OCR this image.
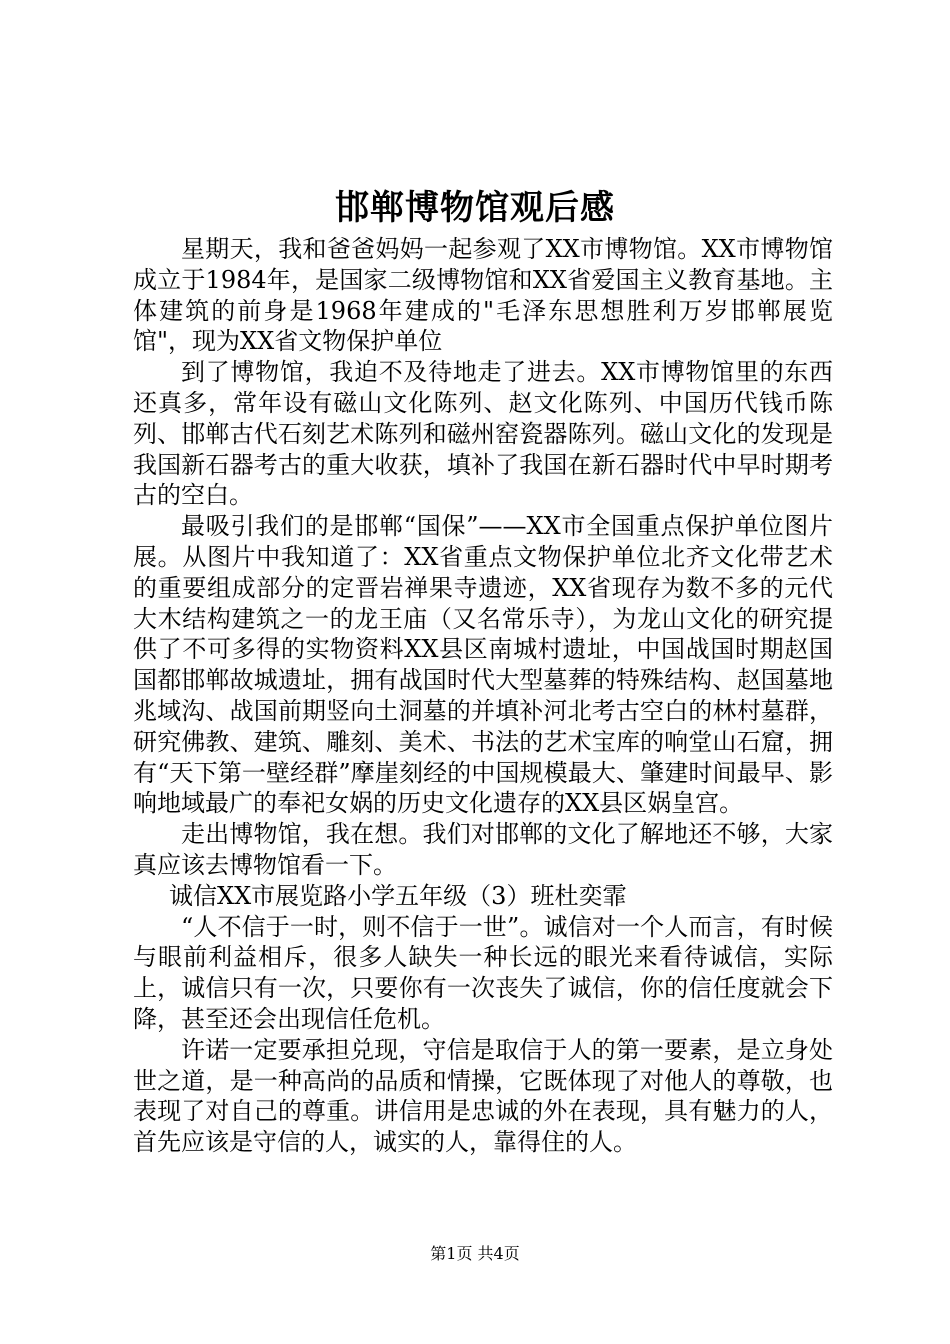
邯郸博物馆观后感

星期天，我和爸爸妈妈一起参观了XX市博物馆。XX市博物馆成立于1984年，是国家二级博物馆和XX省爱国主义教育基地。主体建筑的前身是1968年建成的"毛泽东思想胜利万岁邯郸展览馆"，现为XX省文物保护单位

到了博物馆，我迫不及待地走了进去。XX市博物馆里的东西还真多，常年设有磁山文化陈列、赵文化陈列、中国历代钱币陈列、邯郸古代石刻艺术陈列和磁州窑瓷器陈列。磁山文化的发现是我国新石器考古的重大收获，填补了我国在新石器时代中早时期考古的空白。

最吸引我们的是邯郸“国保”——XX市全国重点保护单位图片展。从图片中我知道了：XX省重点文物保护单位北齐文化带艺术的重要组成部分的定晋岩禅果寺遗迹，XX省现存为数不多的元代大木结构建筑之一的龙王庙（又名常乐寺），为龙山文化的研究提供了不可多得的实物资料XX县区南城村遗址，中国战国时期赵国国都邯郸故城遗址，拥有战国时代大型墓葬的特殊结构、赵国墓地兆域沟、战国前期竖向土洞墓的并填补河北考古空白的林村墓群，研究佛教、建筑、雕刻、美术、书法的艺术宝库的响堂山石窟，拥有“天下第一壁经群”摩崖刻经的中国规模最大、肇建时间最早、影响地域最广的奉祀女娲的历史文化遗存的XX县区娲皇宫。

走出博物馆，我在想。我们对邯郸的文化了解地还不够，大家真应该去博物馆看一下。

诚信XX市展览路小学五年级（3）班杜奕霏

“人不信于一时，则不信于一世”。诚信对一个人而言，有时候与眼前利益相斥，很多人缺失一种长远的眼光来看待诚信，实际上，诚信只有一次，只要你有一次丧失了诚信，你的信任度就会下降，甚至还会出现信任危机。

许诺一定要承担兑现，守信是取信于人的第一要素，是立身处世之道，是一种高尚的品质和情操，它既体现了对他人的尊敬，也表现了对自己的尊重。讲信用是忠诚的外在表现，具有魅力的人，首先应该是守信的人，诚实的人，靠得住的人。

第1页 共4页
